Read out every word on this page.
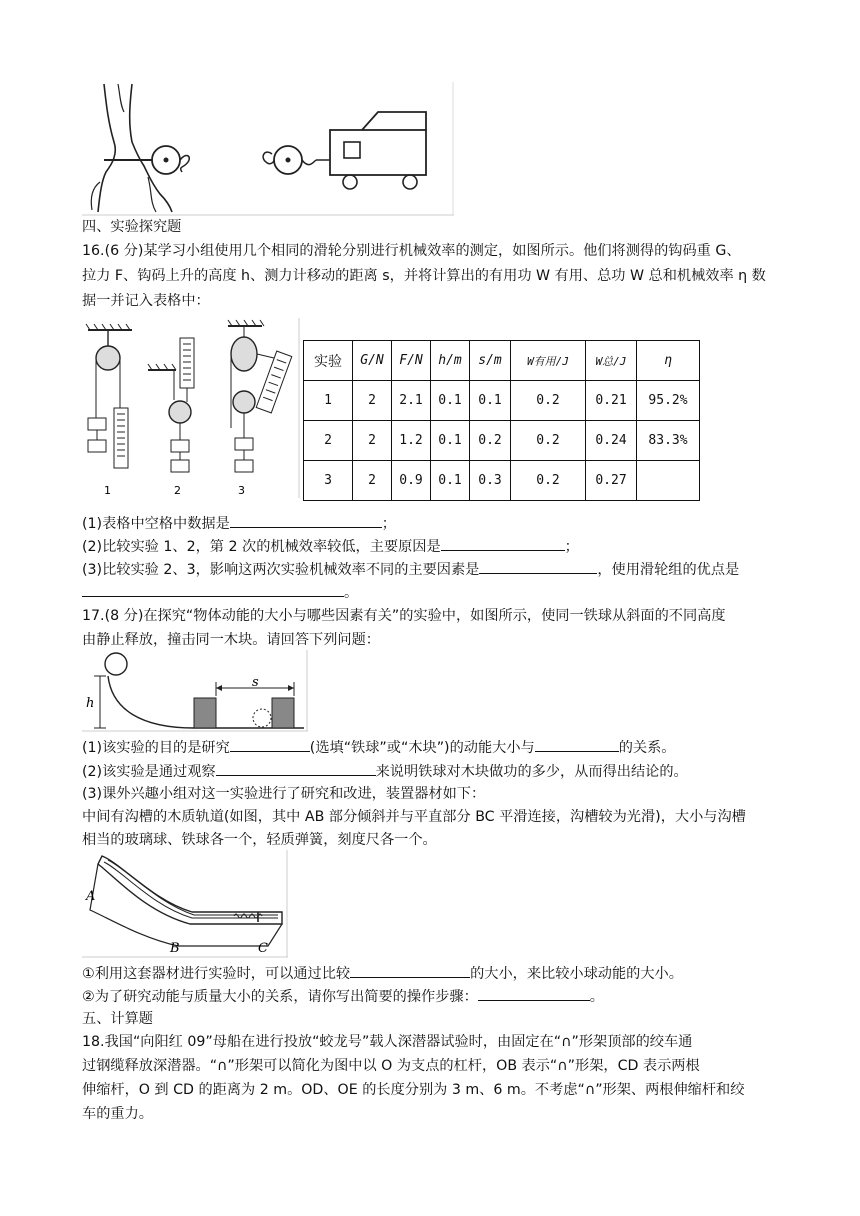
四、实验探究题
16.(6 分)某学习小组使用几个相同的滑轮分别进行机械效率的测定，如图所示。他们将测得的钩码重 G、
拉力 F、钩码上升的高度 h、测力计移动的距离 s，并将计算出的有用功 W 有用、总功 W 总和机械效率 η 数
据一并记入表格中：
1	2	3
实验	G/N	F/N	h/m	s/m	W有用/J	W总/J	η
1	2	2.1	0.1	0.1	0.2	0.21	95.2%
2	2	1.2	0.1	0.2	0.2	0.24	83.3%
3	2	0.9	0.1	0.3	0.2	0.27	
(1)表格中空格中数据是	；
(2)比较实验 1、2，第 2 次的机械效率较低，主要原因是	；
(3)比较实验 2、3，影响这两次实验机械效率不同的主要因素是	，使用滑轮组的优点是
。
17.(8 分)在探究“物体动能的大小与哪些因素有关”的实验中，如图所示，使同一铁球从斜面的不同高度
由静止释放，撞击同一木块。请回答下列问题：
h
s
(1)该实验的目的是研究	(选填“铁球”或“木块”)的动能大小与	的关系。
(2)该实验是通过观察	来说明铁球对木块做功的多少，从而得出结论的。
(3)课外兴趣小组对这一实验进行了研究和改进，装置器材如下：
中间有沟槽的木质轨道(如图，其中 AB 部分倾斜并与平直部分 BC 平滑连接，沟槽较为光滑)，大小与沟槽
相当的玻璃球、铁球各一个，轻质弹簧，刻度尺各一个。
A
B	C
①利用这套器材进行实验时，可以通过比较	的大小，来比较小球动能的大小。
②为了研究动能与质量大小的关系，请你写出简要的操作步骤：	。
五、计算题
18.我国“向阳红 09”母船在进行投放“蛟龙号”载人深潜器试验时，由固定在“∩”形架顶部的绞车通
过钢缆释放深潜器。“∩”形架可以简化为图中以 O 为支点的杠杆，OB 表示“∩”形架，CD 表示两根
伸缩杆，O 到 CD 的距离为 2 m。OD、OE 的长度分别为 3 m、6 m。不考虑“∩”形架、两根伸缩杆和绞
车的重力。
